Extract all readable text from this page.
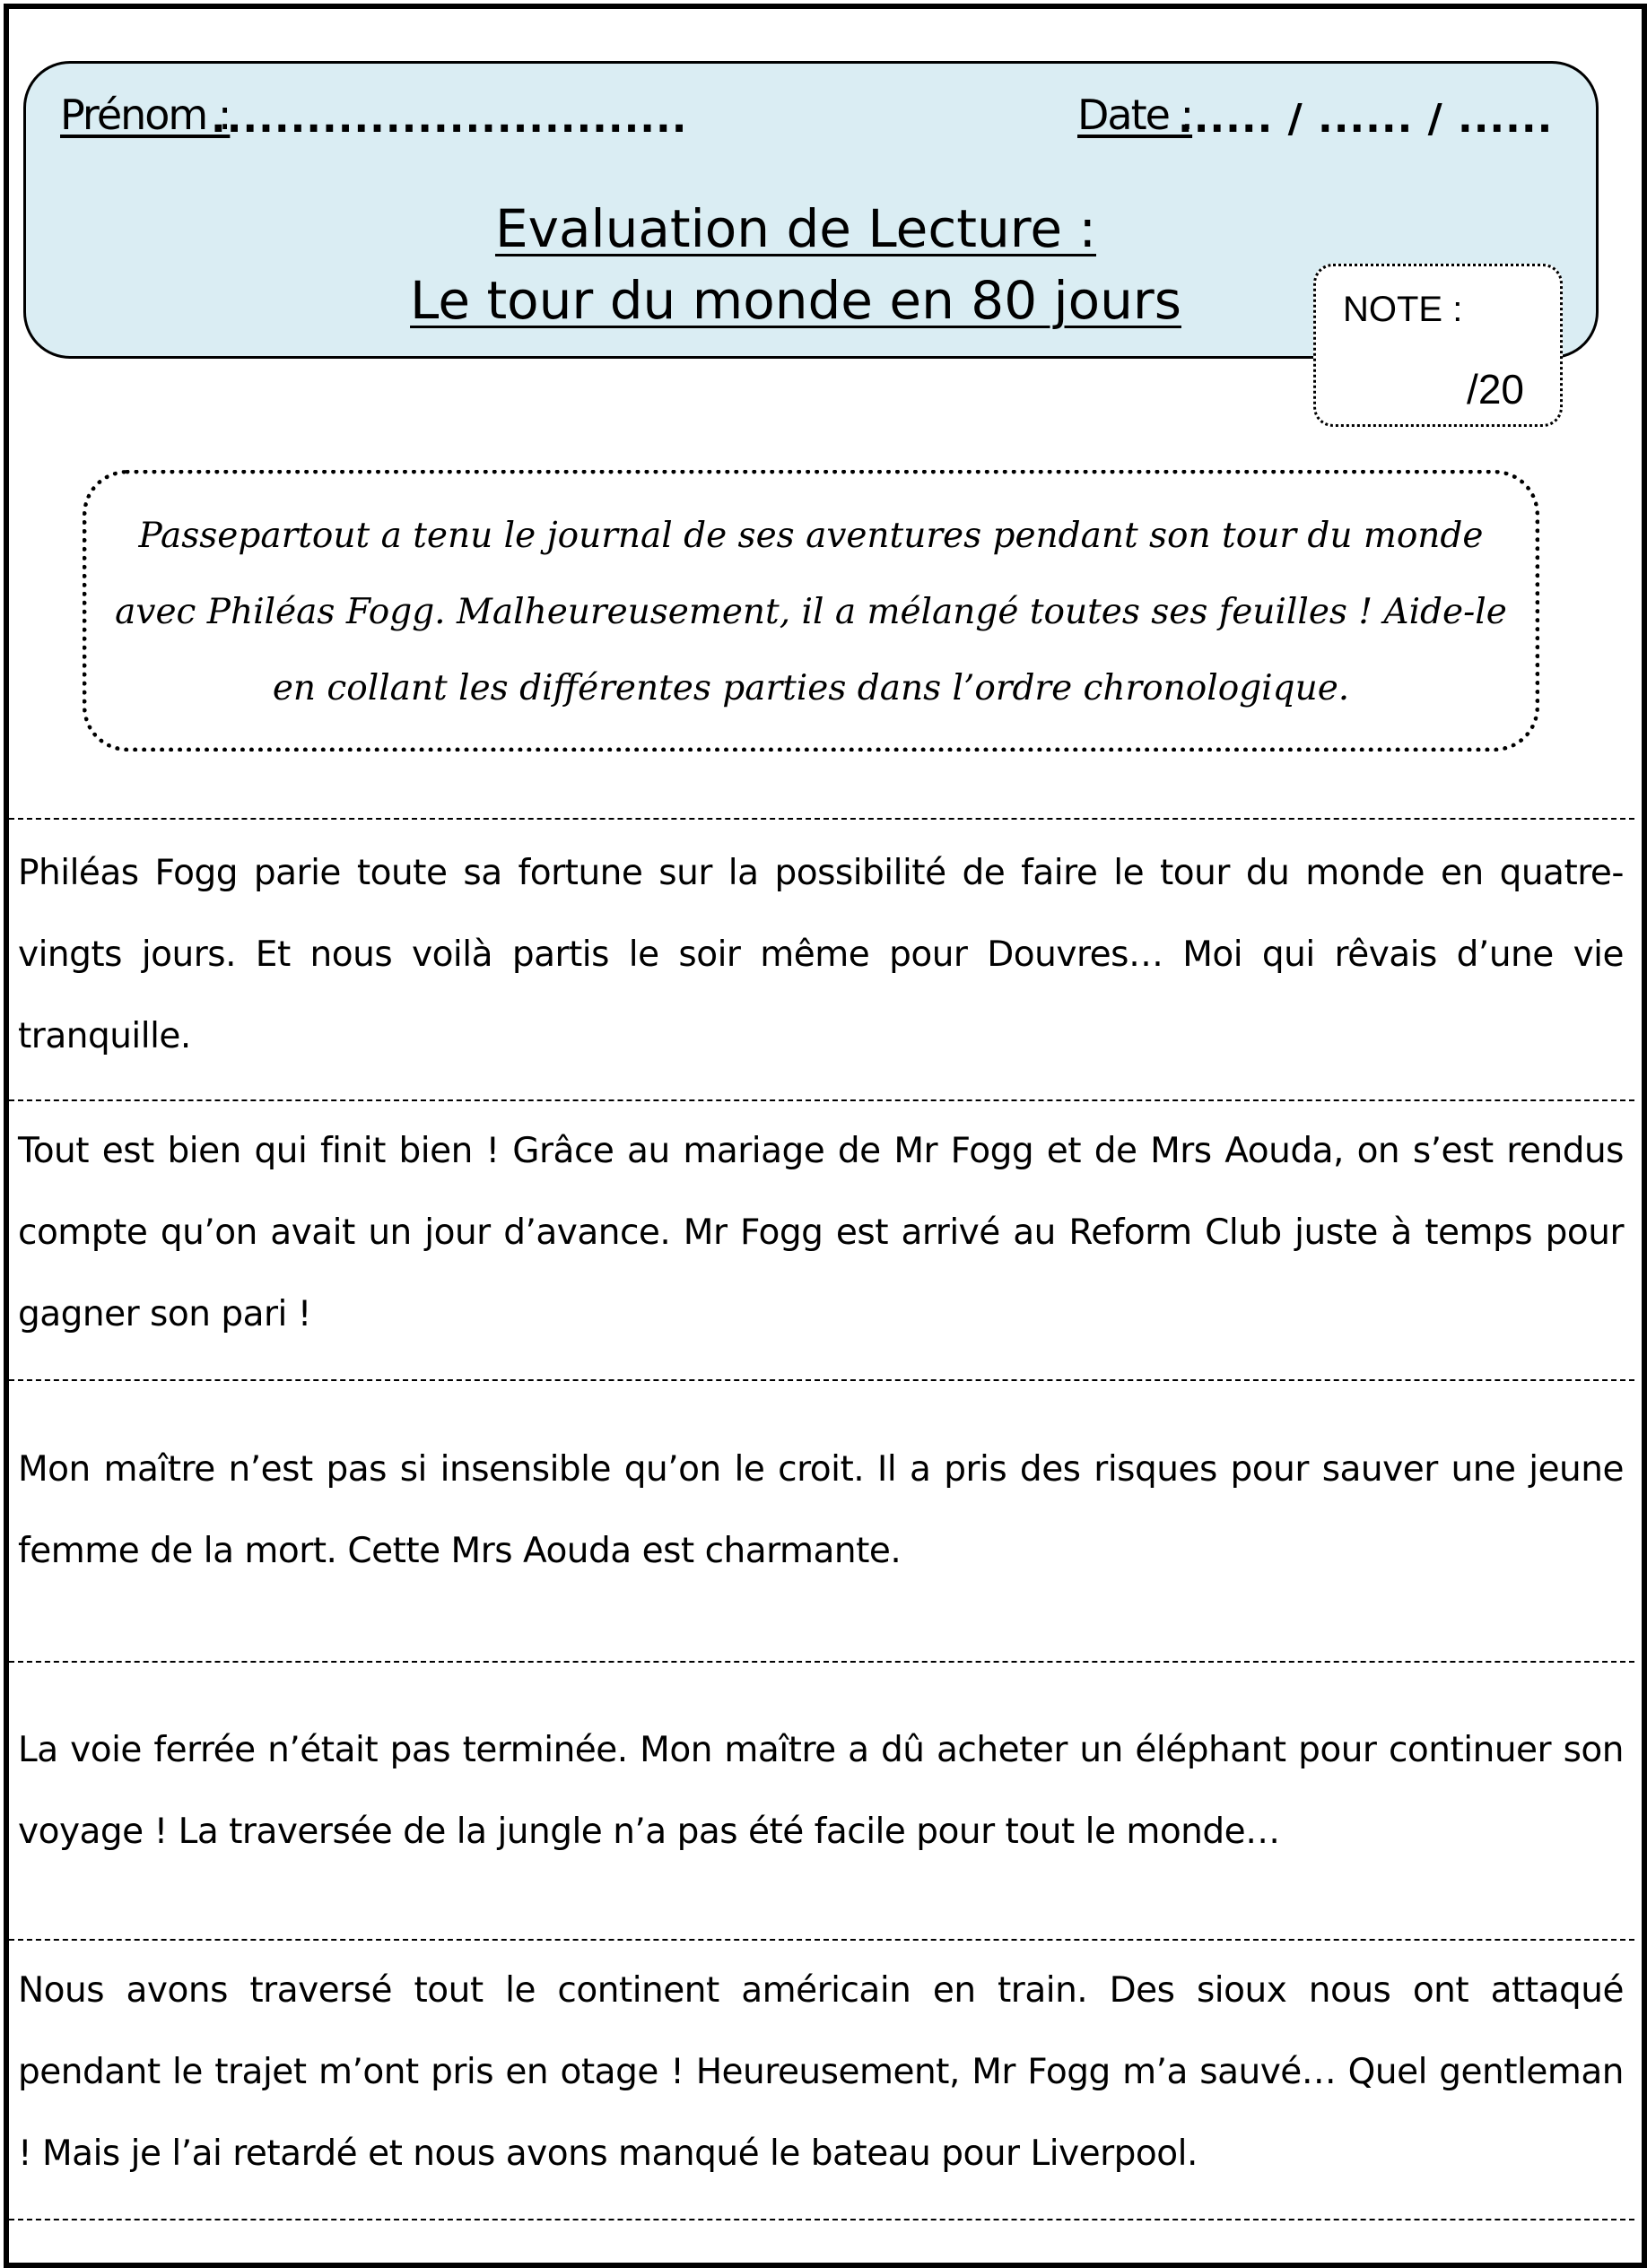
Prénom :
..............................	Date :
...... / ...... / ......
Evaluation de Lecture :
Le tour du monde en 80 jours	NOTE :
/20

Passepartout a tenu le journal de ses aventures pendant son tour du monde avec Philéas Fogg. Malheureusement, il a mélangé toutes ses feuilles ! Aide-le en collant les différentes parties dans l’ordre chronologique.

Philéas Fogg parie toute sa fortune sur la possibilité de faire le tour du monde en quatre-vingts jours. Et nous voilà partis le soir même pour Douvres… Moi qui rêvais d’une vie tranquille.

Tout est bien qui finit bien ! Grâce au mariage de Mr Fogg et de Mrs Aouda, on s’est rendus compte qu’on avait un jour d’avance. Mr Fogg est arrivé au Reform Club juste à temps pour gagner son pari !

Mon maître n’est pas si insensible qu’on le croit. Il a pris des risques pour sauver une jeune femme de la mort. Cette Mrs Aouda est charmante.

La voie ferrée n’était pas terminée. Mon maître a dû acheter un éléphant pour continuer son voyage ! La traversée de la jungle n’a pas été facile pour tout le monde…

Nous avons traversé tout le continent américain en train. Des sioux nous ont attaqué pendant le trajet m’ont pris en otage ! Heureusement, Mr Fogg m’a sauvé… Quel gentleman ! Mais je l’ai retardé et nous avons manqué le bateau pour Liverpool.
